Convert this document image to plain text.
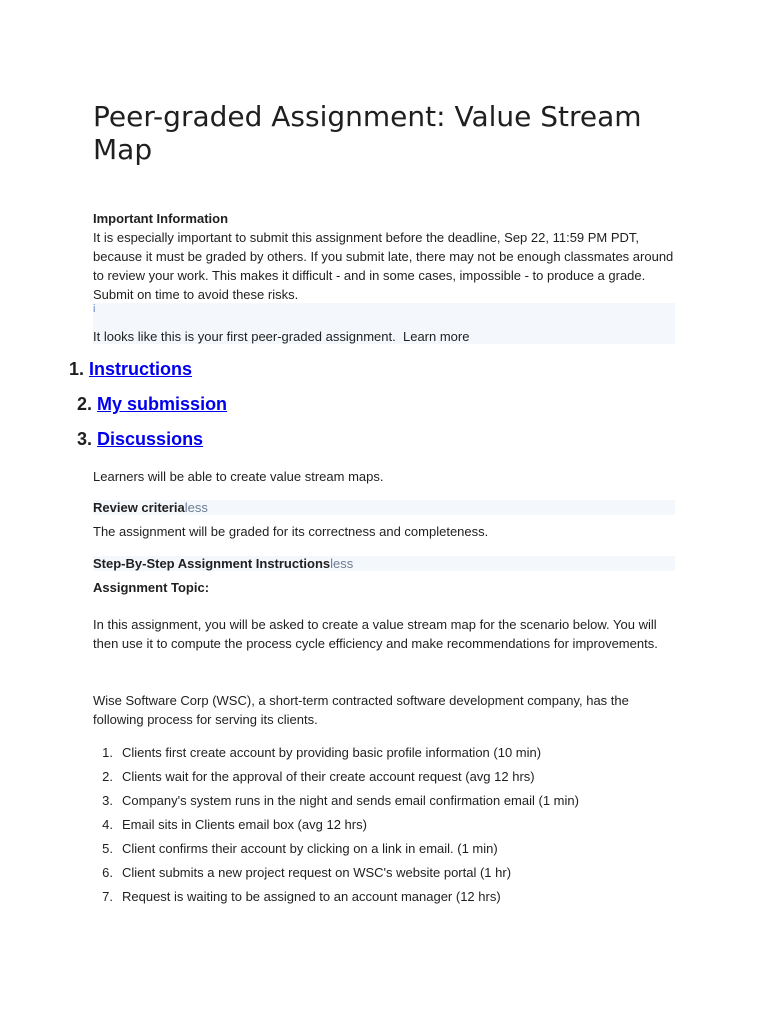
Peer-graded Assignment: Value Stream Map
Important Information
It is especially important to submit this assignment before the deadline, Sep 22, 11:59 PM PDT, because it must be graded by others. If you submit late, there may not be enough classmates around to review your work. This makes it difficult - and in some cases, impossible - to produce a grade. Submit on time to avoid these risks.
i
It looks like this is your first peer-graded assignment. Learn more
1. Instructions
2. My submission
3. Discussions
Learners will be able to create value stream maps.
Review criterialess
The assignment will be graded for its correctness and completeness.
Step-By-Step Assignment Instructionsless
Assignment Topic:
In this assignment, you will be asked to create a value stream map for the scenario below. You will then use it to compute the process cycle efficiency and make recommendations for improvements.
Wise Software Corp (WSC), a short-term contracted software development company, has the following process for serving its clients.
1. Clients first create account by providing basic profile information (10 min)
2. Clients wait for the approval of their create account request (avg 12 hrs)
3. Company's system runs in the night and sends email confirmation email (1 min)
4. Email sits in Clients email box (avg 12 hrs)
5. Client confirms their account by clicking on a link in email. (1 min)
6. Client submits a new project request on WSC's website portal (1 hr)
7. Request is waiting to be assigned to an account manager (12 hrs)
